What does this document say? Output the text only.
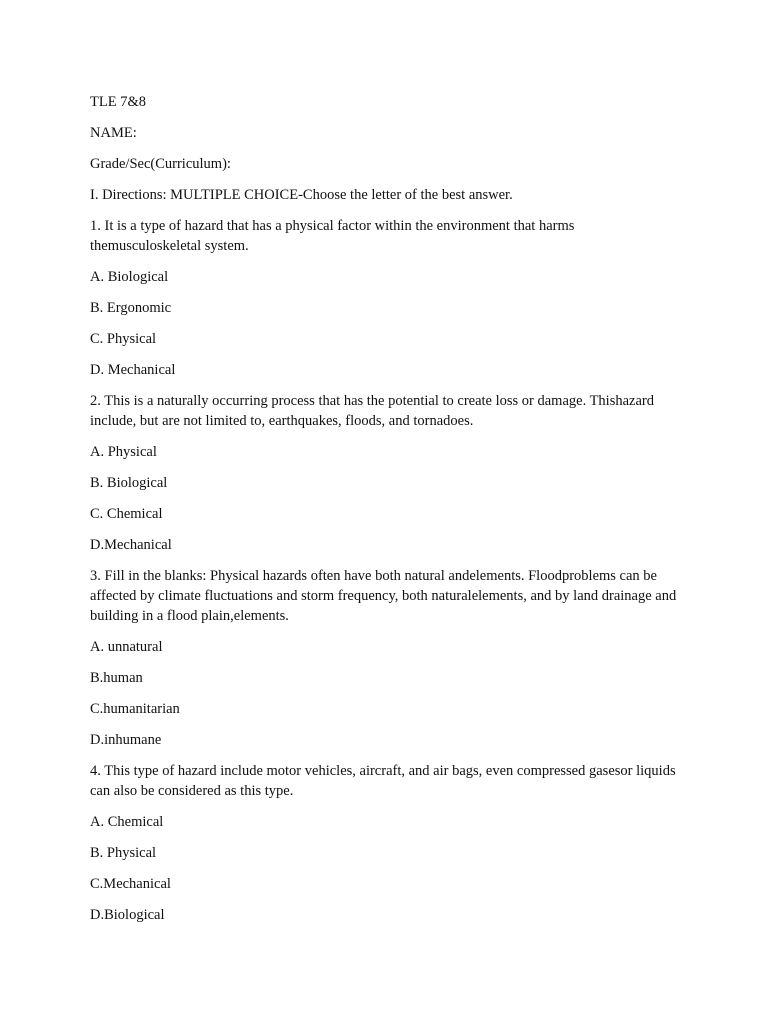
TLE 7&8
NAME:
Grade/Sec(Curriculum):
I. Directions: MULTIPLE CHOICE-Choose the letter of the best answer.
1. It is a type of hazard that has a physical factor within the environment that harms themusculoskeletal system.
A. Biological
B. Ergonomic
C. Physical
D. Mechanical
2. This is a naturally occurring process that has the potential to create loss or damage. Thishazard include, but are not limited to, earthquakes, floods, and tornadoes.
A. Physical
B. Biological
C. Chemical
D.Mechanical
3. Fill in the blanks: Physical hazards often have both natural andelements. Floodproblems can be affected by climate fluctuations and storm frequency, both naturalelements, and by land drainage and building in a flood plain,elements.
A. unnatural
B.human
C.humanitarian
D.inhumane
4. This type of hazard include motor vehicles, aircraft, and air bags, even compressed gasesor liquids can also be considered as this type.
A. Chemical
B. Physical
C.Mechanical
D.Biological
